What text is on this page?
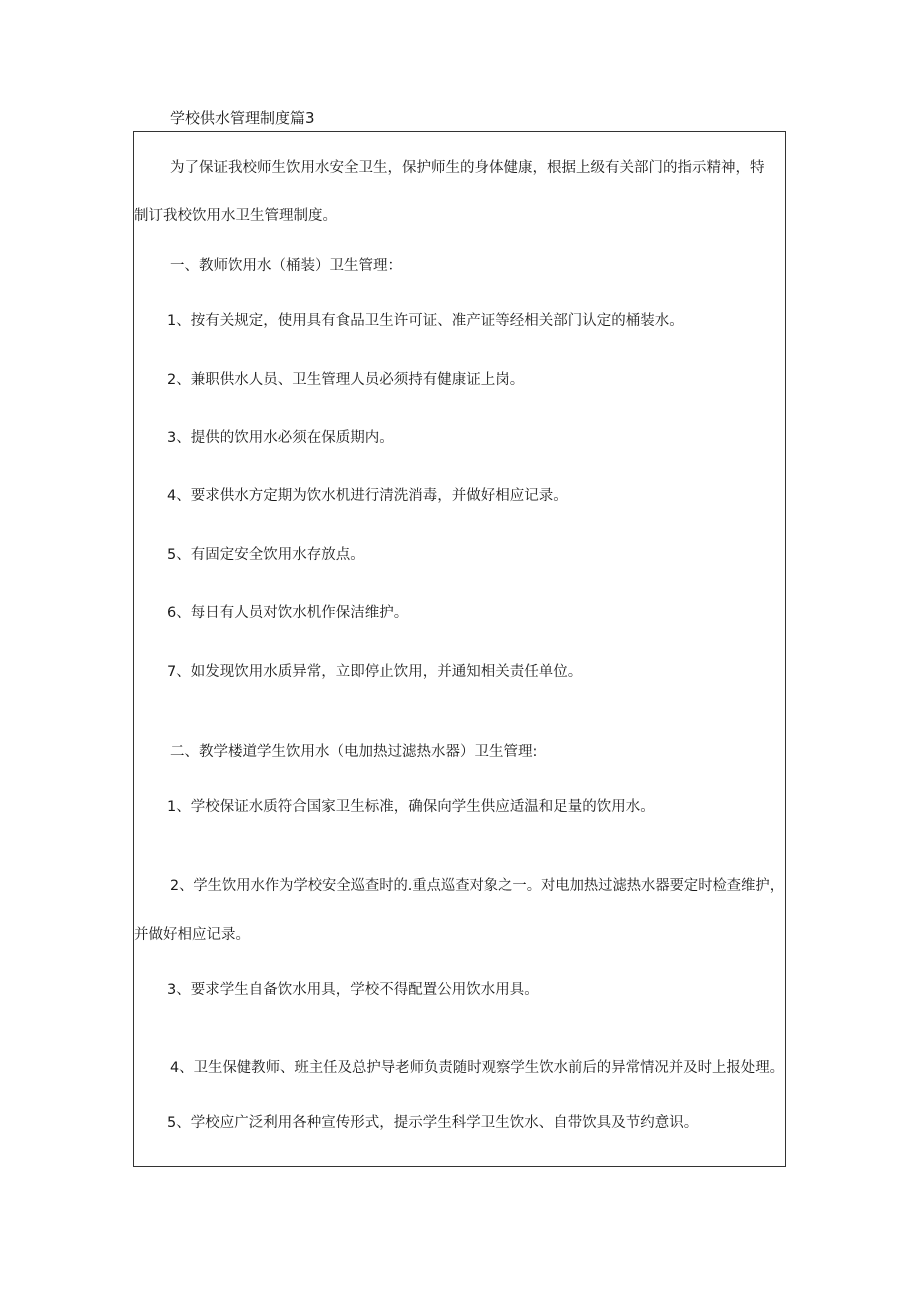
学校供水管理制度篇3
为了保证我校师生饮用水安全卫生，保护师生的身体健康，根据上级有关部门的指示精神，特
制订我校饮用水卫生管理制度。
一、教师饮用水（桶装）卫生管理：
1、按有关规定，使用具有食品卫生许可证、准产证等经相关部门认定的桶装水。
2、兼职供水人员、卫生管理人员必须持有健康证上岗。
3、提供的饮用水必须在保质期内。
4、要求供水方定期为饮水机进行清洗消毒，并做好相应记录。
5、有固定安全饮用水存放点。
6、每日有人员对饮水机作保洁维护。
7、如发现饮用水质异常，立即停止饮用，并通知相关责任单位。
二、教学楼道学生饮用水（电加热过滤热水器）卫生管理:
1、学校保证水质符合国家卫生标准，确保向学生供应适温和足量的饮用水。
2、学生饮用水作为学校安全巡查时的.重点巡查对象之一。对电加热过滤热水器要定时检查维护，
并做好相应记录。
3、要求学生自备饮水用具，学校不得配置公用饮水用具。
4、卫生保健教师、班主任及总护导老师负责随时观察学生饮水前后的异常情况并及时上报处理。
5、学校应广泛利用各种宣传形式，提示学生科学卫生饮水、自带饮具及节约意识。
